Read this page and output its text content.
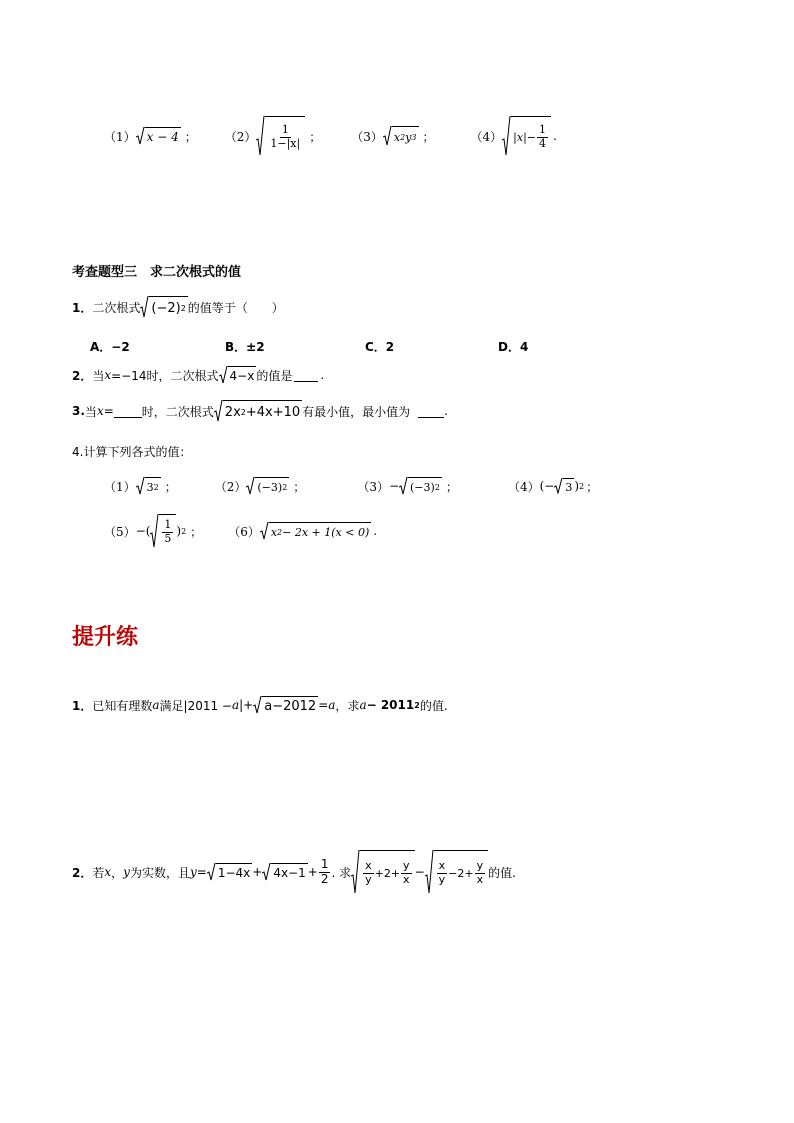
（1） x − 4 ； $(2) \frac{1}{1-|x|}$ ；	（3） x 2 y 3 ；	（4） $|x|- \frac{1}{4}$ .
考查题型三　求二次根式的值
1． 二次根式 (−2) 2 的值等于（　　）
A．−2	B．±2	C．2	D．4
2． 当 x =−14时，二次根式 4−x 的值是 .
3. 当 x = 时，二次根式 2x 2 +4x+10 有最小值，最小值为	.
4.计算下列各式的值：
（1） 3 2 ；	（2） (−3) 2 ；	（3） − (−3) 2 ；	（4） (− 3 ) 2 ；
（5） −( $\frac{1}{5}$ ) 2 ； （6） x 2 − 2x + 1 (x < 0) .
提升练
1． 已知有理数 a 满足|2011 − a |+ a−2012 = a ，求 a − 2011 2 的值.
2． 若 x ， y 为实数，且 $y = 1-4x + 4x-1 + \frac{1}{2}$ . 求 $\frac{x}{y} +2+ \frac{y}{x} - \frac{x}{y} -2+ \frac{y}{x}$ 的值.
